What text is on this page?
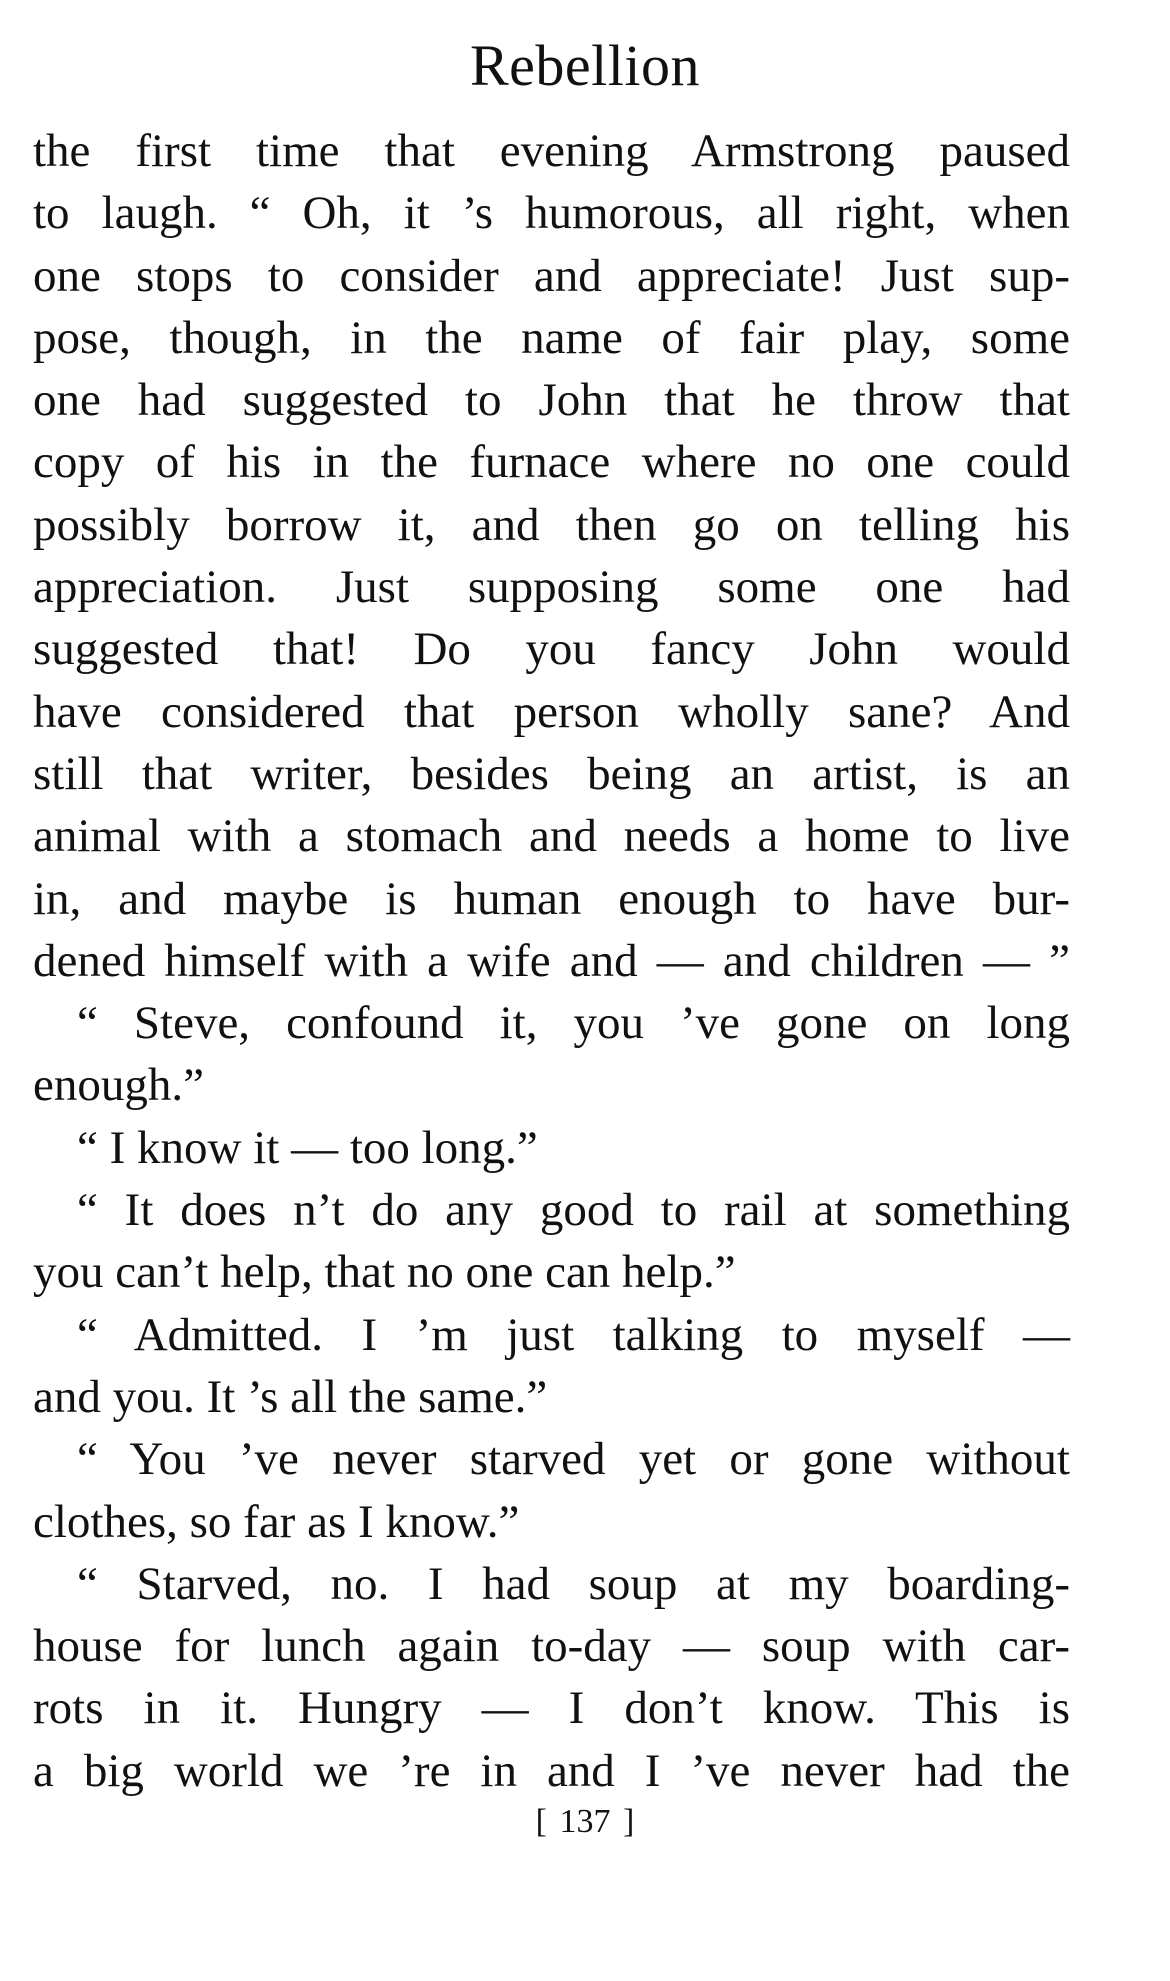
Rebellion
the first time that evening Armstrong paused
to laugh. “ Oh, it ’s humorous, all right, when
one stops to consider and appreciate! Just sup-
pose, though, in the name of fair play, some
one had suggested to John that he throw that
copy of his in the furnace where no one could
possibly borrow it, and then go on telling his
appreciation. Just supposing some one had
suggested that! Do you fancy John would
have considered that person wholly sane? And
still that writer, besides being an artist, is an
animal with a stomach and needs a home to live
in, and maybe is human enough to have bur-
dened himself with a wife and — and children — ”
“ Steve, confound it, you ’ve gone on long
enough.”
“ I know it — too long.”
“ It does n’t do any good to rail at something
you can’t help, that no one can help.”
“ Admitted. I ’m just talking to myself —
and you. It ’s all the same.”
“ You ’ve never starved yet or gone without
clothes, so far as I know.”
“ Starved, no. I had soup at my boarding-
house for lunch again to-day — soup with car-
rots in it. Hungry — I don’t know. This is
a big world we ’re in and I ’ve never had the
[ 137 ]
